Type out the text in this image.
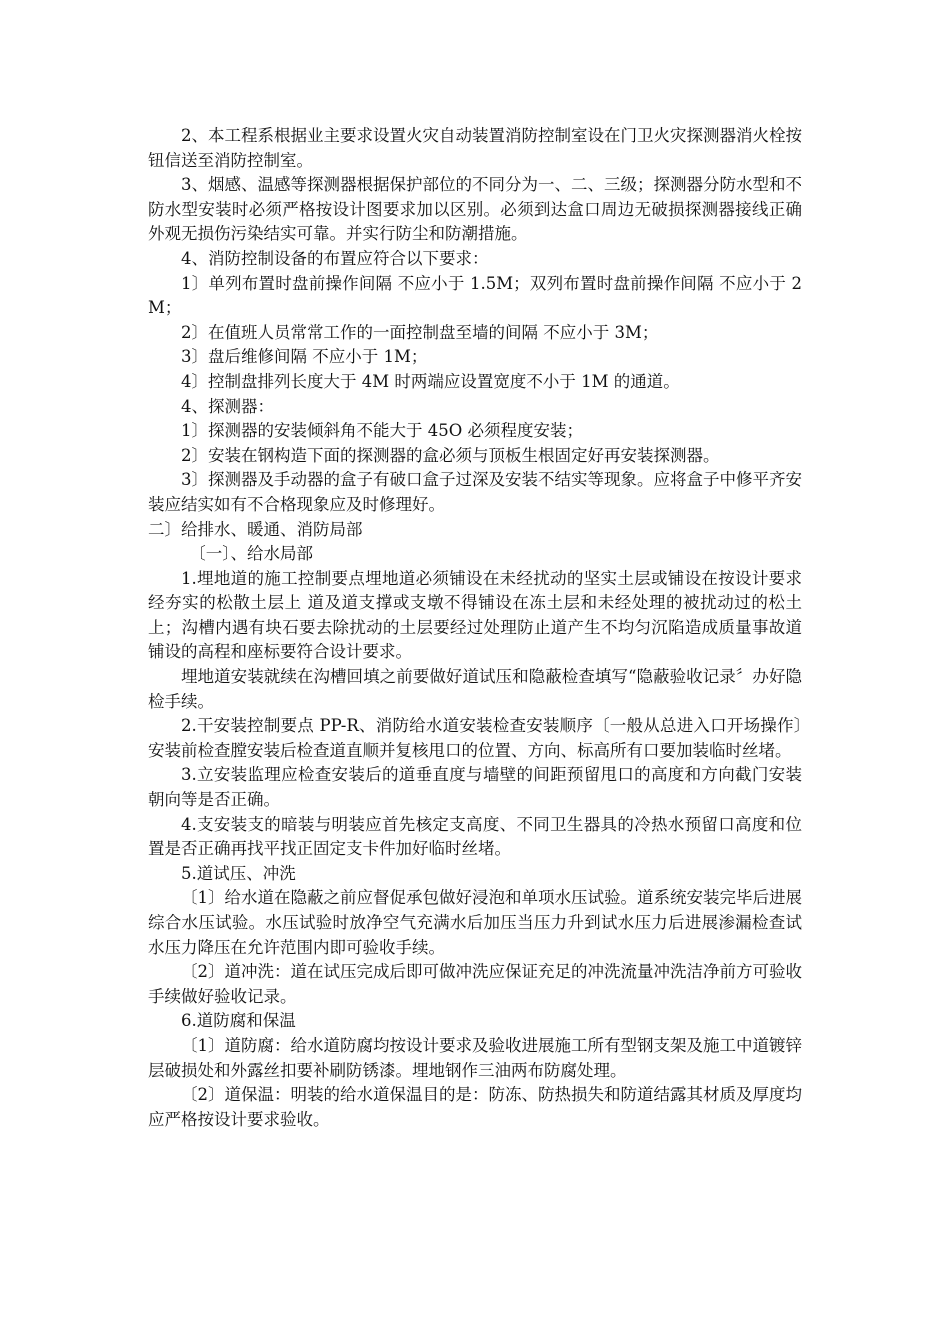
2、本工程系根据业主要求设置火灾自动装置消防控制室设在门卫火灾探测器消火栓按钮信送至消防控制室。

3、烟感、温感等探测器根据保护部位的不同分为一、二、三级；探测器分防水型和不防水型安装时必须严格按设计图要求加以区别。必须到达盒口周边无破损探测器接线正确外观无损伤污染结实可靠。并实行防尘和防潮措施。

4、消防控制设备的布置应符合以下要求：

1〕单列布置时盘前操作间隔 不应小于 1.5M；双列布置时盘前操作间隔 不应小于 2M；

2〕在值班人员常常工作的一面控制盘至墙的间隔 不应小于 3M；

3〕盘后维修间隔 不应小于 1M；

4〕控制盘排列长度大于 4M 时两端应设置宽度不小于 1M 的通道。

4、探测器：

1〕探测器的安装倾斜角不能大于 45O 必须程度安装；

2〕安装在钢构造下面的探测器的盒必须与顶板生根固定好再安装探测器。

3〕探测器及手动器的盒子有破口盒子过深及安装不结实等现象。应将盒子中修平齐安装应结实如有不合格现象应及时修理好。

二〕给排水、暖通、消防局部

　〔一〕、给水局部

1.埋地道的施工控制要点埋地道必须铺设在未经扰动的坚实土层或铺设在按设计要求经夯实的松散土层上 道及道支撑或支墩不得铺设在冻土层和未经处理的被扰动过的松土上；沟槽内遇有块石要去除扰动的土层要经过处理防止道产生不均匀沉陷造成质量事故道铺设的高程和座标要符合设计要求。

埋地道安装就续在沟槽回填之前要做好道试压和隐蔽检查填写“隐蔽验收记录〞办好隐检手续。

2.干安装控制要点 PP-R、消防给水道安装检查安装顺序〔一般从总进入口开场操作〕安装前检查膛安装后检查道直顺并复核甩口的位置、方向、标高所有口要加装临时丝堵。

3.立安装监理应检查安装后的道垂直度与墙壁的间距预留甩口的高度和方向截门安装朝向等是否正确。

4.支安装支的暗装与明装应首先核定支高度、不同卫生器具的冷热水预留口高度和位置是否正确再找平找正固定支卡件加好临时丝堵。

5.道试压、冲洗

〔1〕给水道在隐蔽之前应督促承包做好浸泡和单项水压试验。道系统安装完毕后进展综合水压试验。水压试验时放净空气充满水后加压当压力升到试水压力后进展渗漏检查试水压力降压在允许范围内即可验收手续。

〔2〕道冲洗：道在试压完成后即可做冲洗应保证充足的冲洗流量冲洗洁净前方可验收手续做好验收记录。

6.道防腐和保温

〔1〕道防腐：给水道防腐均按设计要求及验收进展施工所有型钢支架及施工中道镀锌层破损处和外露丝扣要补刷防锈漆。埋地钢作三油两布防腐处理。

〔2〕道保温：明装的给水道保温目的是：防冻、防热损失和防道结露其材质及厚度均应严格按设计要求验收。
